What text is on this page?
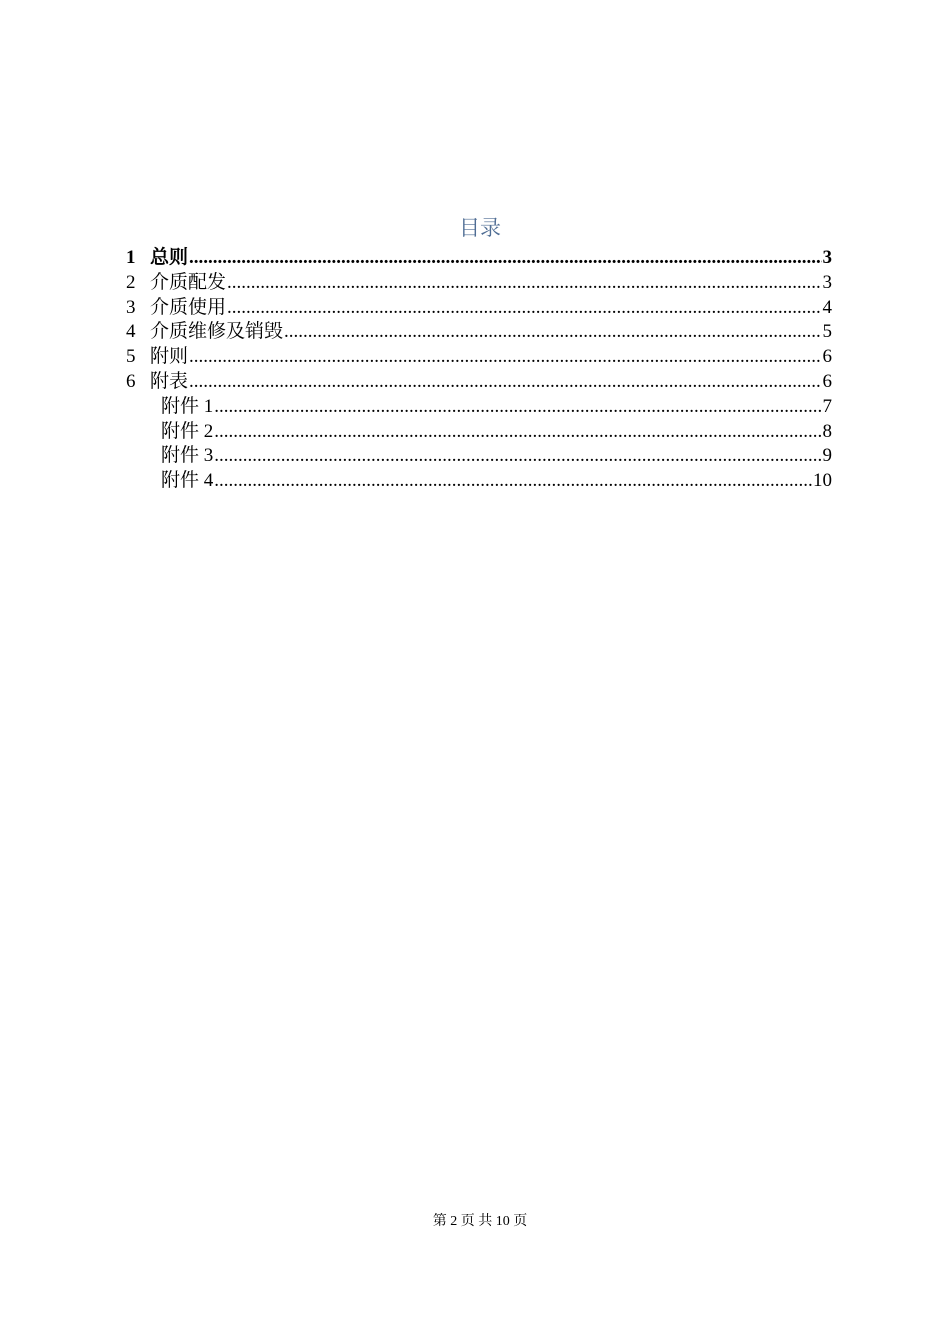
目录
1 总则 .....	3
2 介质配发 .....	3
3 介质使用 .....	4
4 介质维修及销毁 .....	5
5 附则 .....	6
6 附表 .....	6
附件 1 .....	7
附件 2 .....	8
附件 3 .....	9
附件 4 .....	10
第 2 页 共 10 页
